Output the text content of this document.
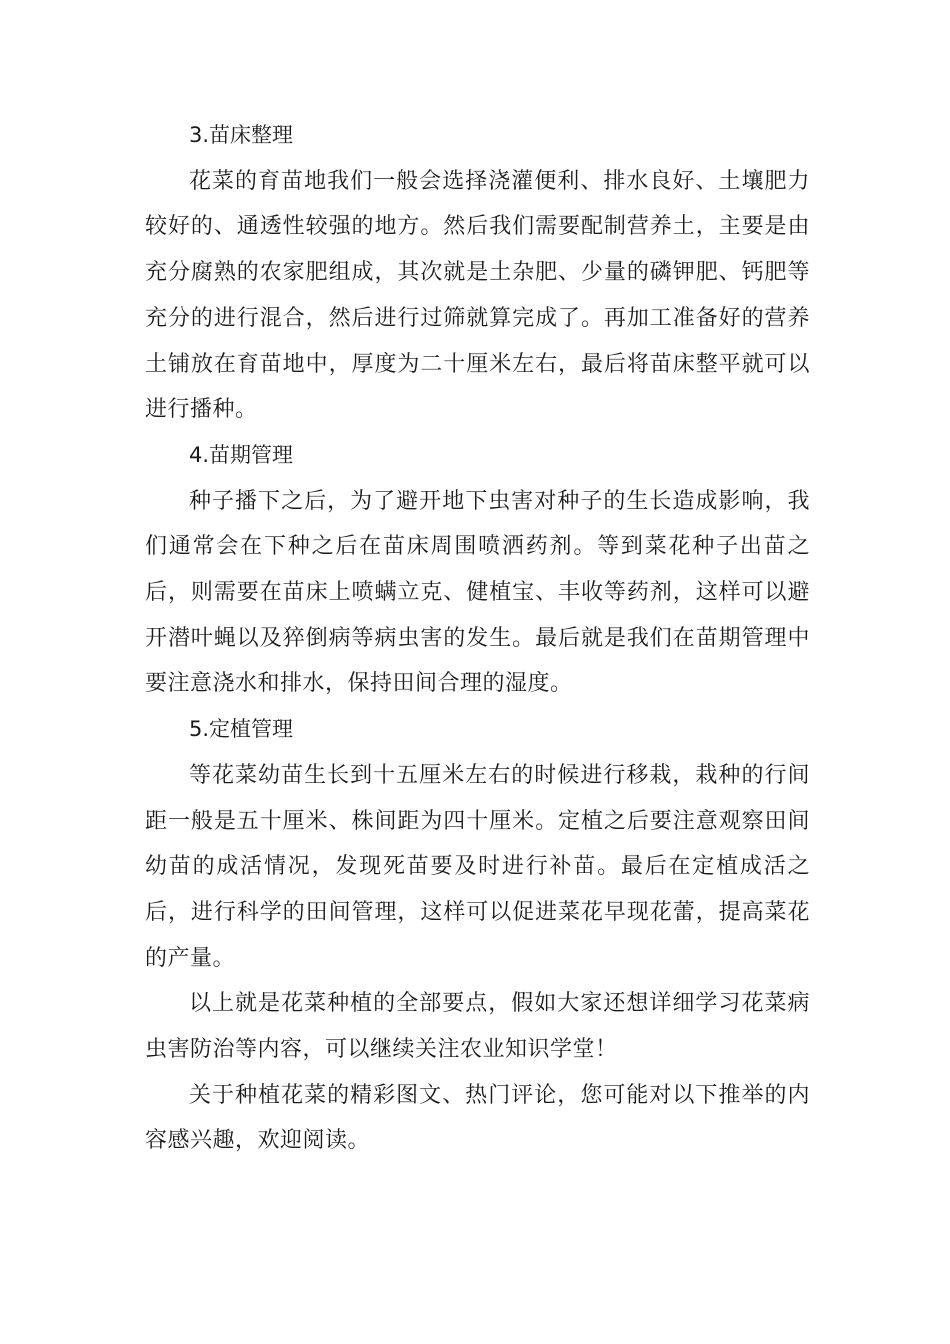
3.苗床整理

花菜的育苗地我们一般会选择浇灌便利、排水良好、土壤肥力较好的、通透性较强的地方。然后我们需要配制营养土，主要是由充分腐熟的农家肥组成，其次就是土杂肥、少量的磷钾肥、钙肥等充分的进行混合，然后进行过筛就算完成了。再加工准备好的营养土铺放在育苗地中，厚度为二十厘米左右，最后将苗床整平就可以进行播种。

4.苗期管理

种子播下之后，为了避开地下虫害对种子的生长造成影响，我们通常会在下种之后在苗床周围喷洒药剂。等到菜花种子出苗之后，则需要在苗床上喷螨立克、健植宝、丰收等药剂，这样可以避开潜叶蝇以及猝倒病等病虫害的发生。最后就是我们在苗期管理中要注意浇水和排水，保持田间合理的湿度。

5.定植管理

等花菜幼苗生长到十五厘米左右的时候进行移栽，栽种的行间距一般是五十厘米、株间距为四十厘米。定植之后要注意观察田间幼苗的成活情况，发现死苗要及时进行补苗。最后在定植成活之后，进行科学的田间管理，这样可以促进菜花早现花蕾，提高菜花的产量。

以上就是花菜种植的全部要点，假如大家还想详细学习花菜病虫害防治等内容，可以继续关注农业知识学堂！

关于种植花菜的精彩图文、热门评论，您可能对以下推举的内容感兴趣，欢迎阅读。
